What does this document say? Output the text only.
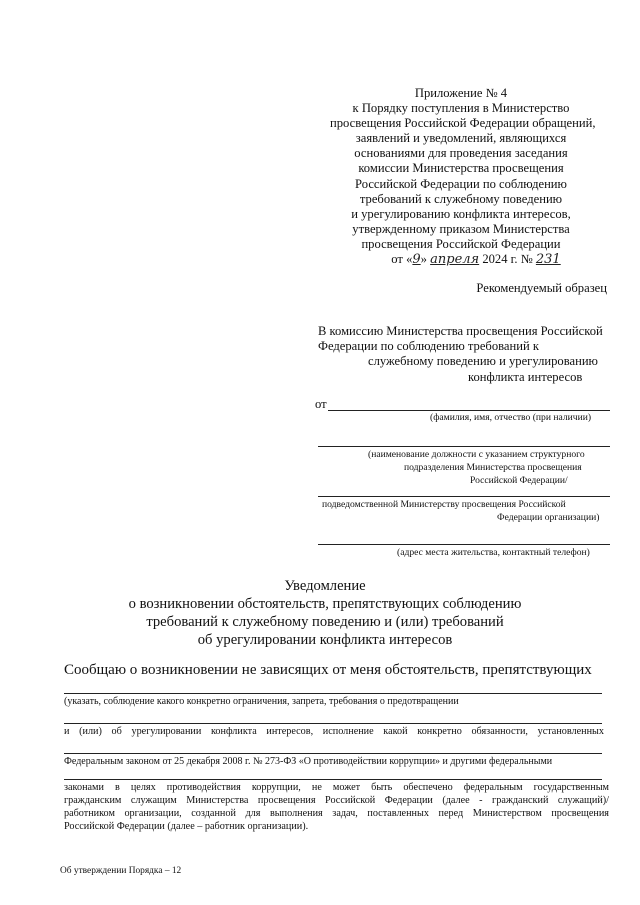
Приложение № 4
к Порядку поступления в Министерство
просвещения Российской Федерации обращений,
заявлений и уведомлений, являющихся
основаниями для проведения заседания
комиссии Министерства просвещения
Российской Федерации по соблюдению
требований к служебному поведению
и урегулированию конфликта интересов,
утвержденному приказом Министерства
просвещения Российской Федерации
от «9» апреля 2024 г. № 231
Рекомендуемый образец
В комиссию Министерства просвещения Российской
Федерации по соблюдению требований к
служебному поведению и урегулированию
конфликта интересов
от
(фамилия, имя, отчество (при наличии)
(наименование должности с указанием структурного
подразделения Министерства просвещения
Российской Федерации/
подведомственной Министерству просвещения Российской
Федерации организации)
(адрес места жительства, контактный телефон)
Уведомление
о возникновении обстоятельств, препятствующих соблюдению
требований к служебному поведению и (или) требований
об урегулировании конфликта интересов
Сообщаю о возникновении не зависящих от меня обстоятельств, препятствующих
(указать, соблюдение какого конкретно ограничения, запрета, требования о предотвращении
и (или) об урегулировании конфликта интересов, исполнение какой конкретно обязанности, установленных
Федеральным законом от 25 декабря 2008 г. № 273-ФЗ «О противодействии коррупции» и другими федеральными
законами в целях противодействия коррупции, не может быть обеспечено федеральным государственным
гражданским служащим Министерства просвещения Российской Федерации (далее - гражданский служащий)/
работником организации, созданной для выполнения задач, поставленных перед Министерством просвещения
Российской Федерации (далее – работник организации).
Об утверждении Порядка – 12
